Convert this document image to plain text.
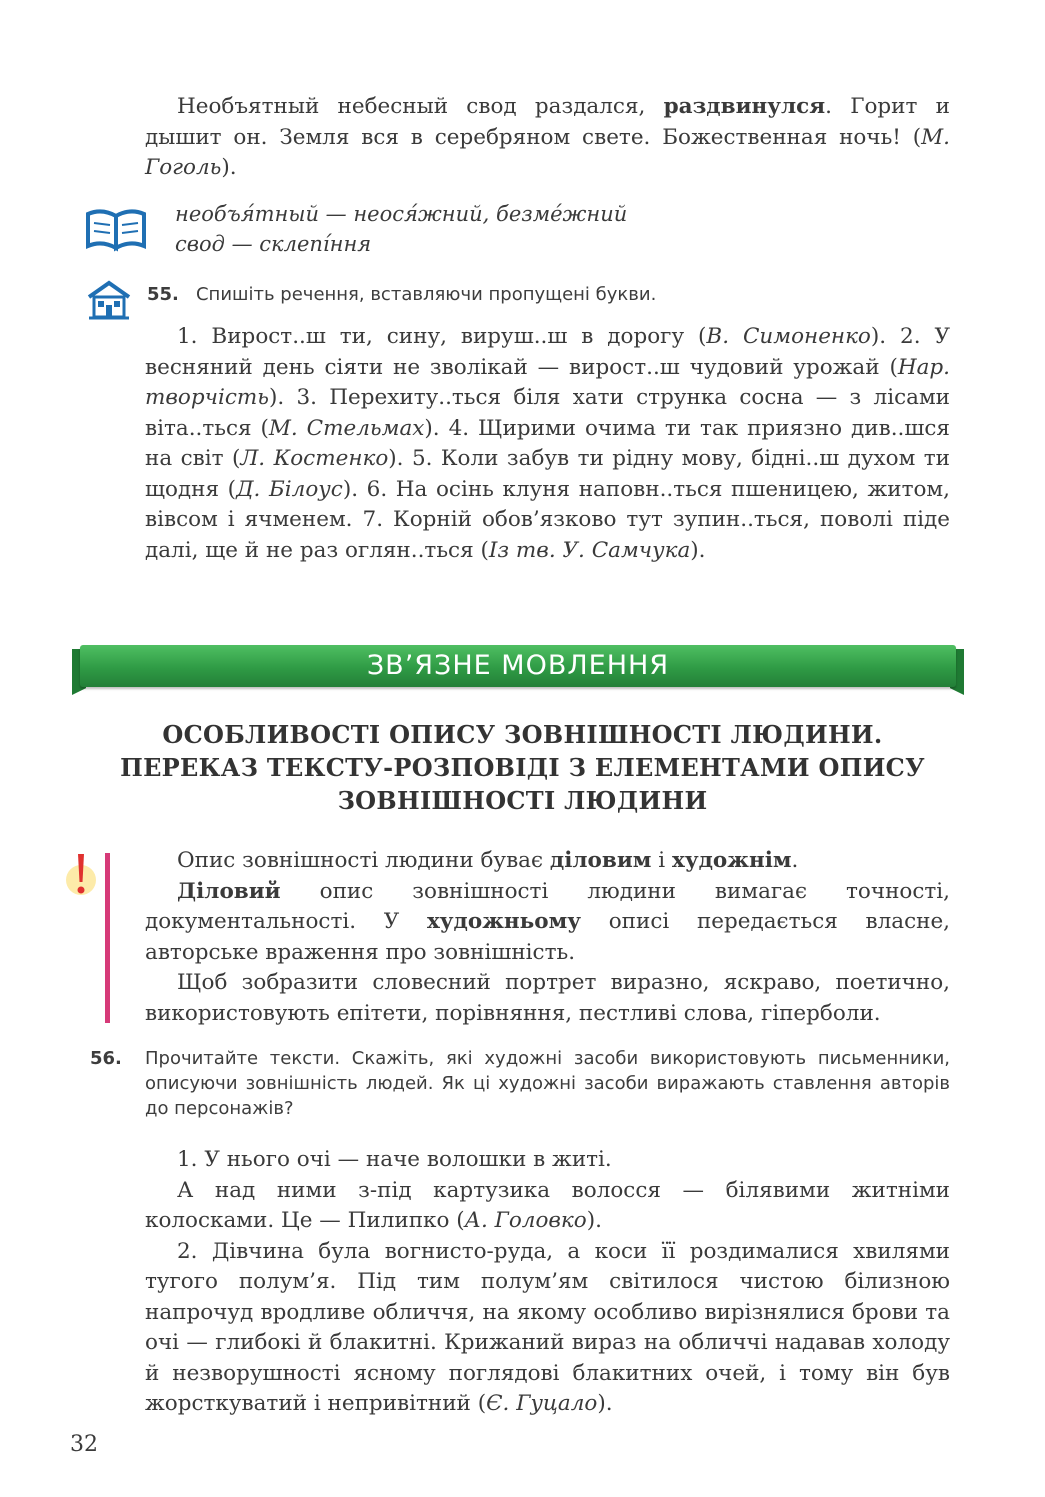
Необъятный небесный свод раздался, раздвинулся. Горит и дышит он. Земля вся в серебряном свете. Божественная ночь! (М. Гоголь).

необъя́тный — неося́жний, безме́жний
свод — склепі́ння
55. Спишіть речення, вставляючи пропущені букви.

1. Вирост..ш ти, сину, вируш..ш в дорогу (В. Симоненко). 2. У весняний день сіяти не зволікай — вирост..ш чудовий урожай (Нар. творчість). 3. Перехиту..ться біля хати струнка сосна — з лісами віта..ться (М. Стельмах). 4. Щирими очима ти так приязно див..шся на світ (Л. Костенко). 5. Коли забув ти рідну мову, бідні..ш духом ти щодня (Д. Білоус). 6. На осінь клуня наповн..ться пшеницею, житом, вівсом і ячменем. 7. Корній обов’язково тут зупин..ться, поволі піде далі, ще й не раз оглян..ться (Із тв. У. Самчука).

ЗВ’ЯЗНЕ МОВЛЕННЯ
ОСОБЛИВОСТІ ОПИСУ ЗОВНІШНОСТІ ЛЮДИНИ.
ПЕРЕКАЗ ТЕКСТУ-РОЗПОВІДІ З ЕЛЕМЕНТАМИ ОПИСУ
ЗОВНІШНОСТІ ЛЮДИНИ

Опис зовнішності людини буває діловим і художнім.

Діловий опис зовнішності людини вимагає точності, документальності. У художньому описі передається власне, авторське враження про зовнішність.

Щоб зобразити словесний портрет виразно, яскраво, поетично, використовують епітети, порівняння, пестливі слова, гіперболи.

56. Прочитайте тексти. Скажіть, які художні засоби використовують письменники, описуючи зовнішність людей. Як ці художні засоби виражають ставлення авторів до персонажів?

1. У нього очі — наче волошки в житі.

А над ними з-під картузика волосся — білявими житніми колосками. Це — Пилипко (А. Головко).

2. Дівчина була вогнисто-руда, а коси її роздималися хвилями тугого полум’я. Під тим полум’ям світилося чистою білизною напрочуд вродливе обличчя, на якому особливо вирізнялися брови та очі — глибокі й блакитні. Крижаний вираз на обличчі надавав холоду й незворушності ясному поглядові блакитних очей, і тому він був жорсткуватий і непривітний (Є. Гуцало).

32
